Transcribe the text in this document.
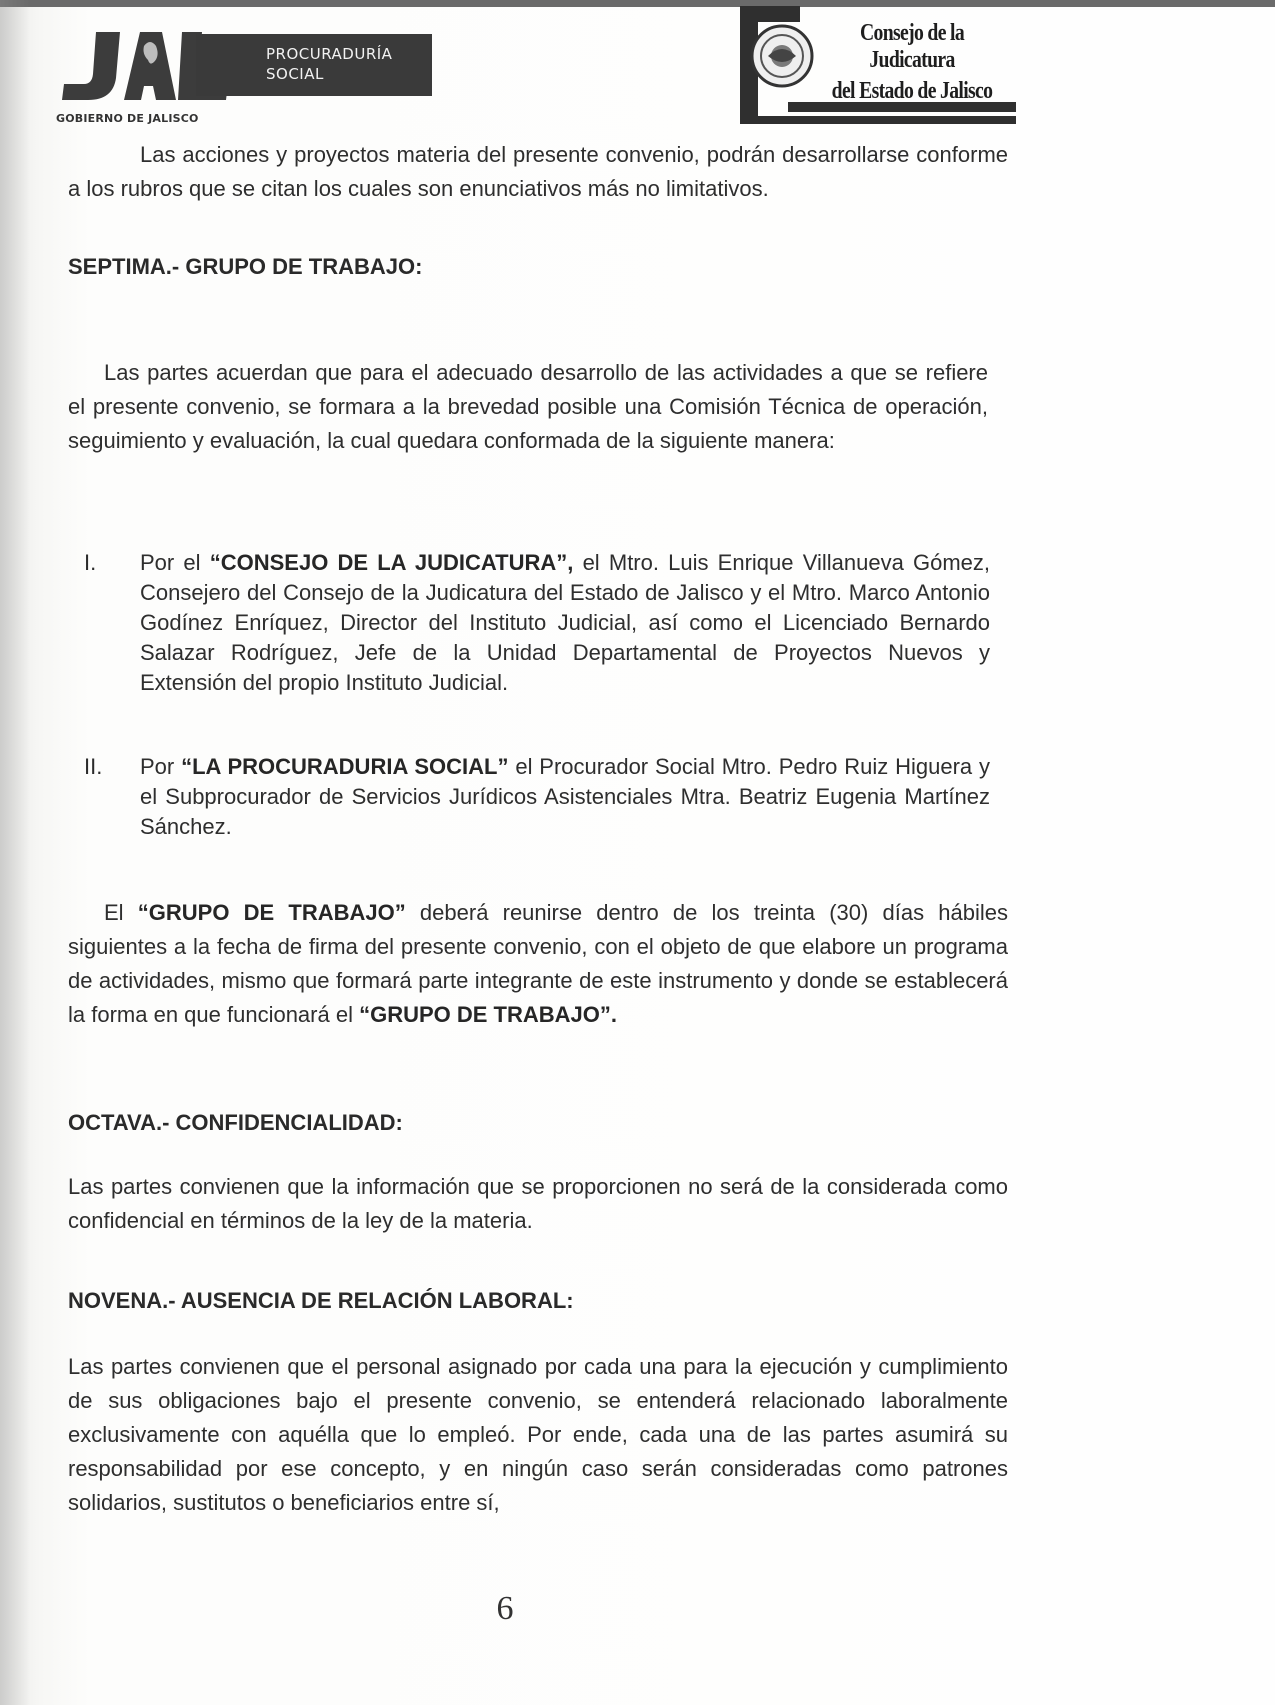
PROCURADURÍA
SOCIAL
GOBIERNO DE JALISCO
Consejo de la Judicatura
del Estado de Jalisco
Las acciones y proyectos materia del presente convenio, podrán desarrollarse conforme a los rubros que se citan los cuales son enunciativos más no limitativos.
SEPTIMA.- GRUPO DE TRABAJO:
Las partes acuerdan que para el adecuado desarrollo de las actividades a que se refiere el presente convenio, se formara a la brevedad posible una Comisión Técnica de operación, seguimiento y evaluación, la cual quedara conformada de la siguiente manera:
I. Por el “CONSEJO DE LA JUDICATURA”, el Mtro. Luis Enrique Villanueva Gómez, Consejero del Consejo de la Judicatura del Estado de Jalisco y el Mtro. Marco Antonio Godínez Enríquez, Director del Instituto Judicial, así como el Licenciado Bernardo Salazar Rodríguez, Jefe de la Unidad Departamental de Proyectos Nuevos y Extensión del propio Instituto Judicial.
II. Por “LA PROCURADURIA SOCIAL” el Procurador Social Mtro. Pedro Ruiz Higuera y el Subprocurador de Servicios Jurídicos Asistenciales Mtra. Beatriz Eugenia Martínez Sánchez.
El “GRUPO DE TRABAJO” deberá reunirse dentro de los treinta (30) días hábiles siguientes a la fecha de firma del presente convenio, con el objeto de que elabore un programa de actividades, mismo que formará parte integrante de este instrumento y donde se establecerá la forma en que funcionará el “GRUPO DE TRABAJO”.
OCTAVA.- CONFIDENCIALIDAD:
Las partes convienen que la información que se proporcionen no será de la considerada como confidencial en términos de la ley de la materia.
NOVENA.- AUSENCIA DE RELACIÓN LABORAL:
Las partes convienen que el personal asignado por cada una para la ejecución y cumplimiento de sus obligaciones bajo el presente convenio, se entenderá relacionado laboralmente exclusivamente con aquélla que lo empleó. Por ende, cada una de las partes asumirá su responsabilidad por ese concepto, y en ningún caso serán consideradas como patrones solidarios, sustitutos o beneficiarios entre sí,
6
